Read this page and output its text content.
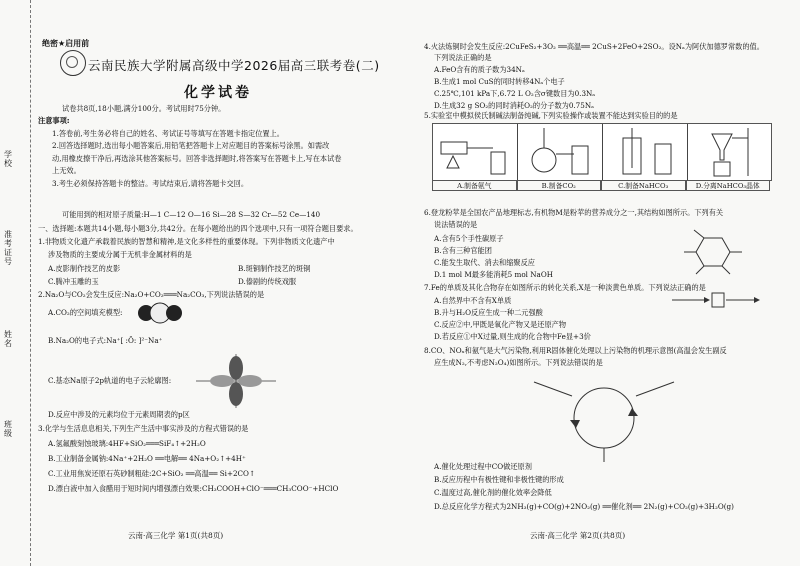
学校
准考证号
姓名
班级
绝密★启用前
云南民族大学附属高级中学2026届高三联考卷(二)
化学试卷
试卷共8页,18小题,满分100分。考试用时75分钟。
注意事项:
1.答卷前,考生务必将自己的姓名、考试证号等填写在答题卡指定位置上。
2.回答选择题时,选出每小题答案后,用铅笔把答题卡上对应题目的答案标号涂黑。如需改
动,用橡皮擦干净后,再选涂其他答案标号。回答非选择题时,将答案写在答题卡上,写在本试卷
上无效。
3.考生必须保持答题卡的整洁。考试结束后,请将答题卡交回。
可能用到的相对原子质量:H—1 C—12 O—16 Si—28 S—32 Cr—52 Ce—140
一、选择题:本题共14小题,每小题3分,共42分。在每小题给出的四个选项中,只有一项符合题目要求。
1.非物质文化遗产承载着民族的智慧和精神,是文化多样性的重要体现。下列非物质文化遗产中
涉及物质的主要成分属于无机非金属材料的是
A.皮影制作技艺的皮影	B.斑铜制作技艺的斑铜
C.腾冲玉雕的玉	D.傣剧的传统戏服
2.Na₂O与CO₂会发生反应:Na₂O+CO₂═══Na₂CO₃,下列说法错误的是
A.CO₂的空间填充模型:
B.Na₂O的电子式:Na⁺[ :Ö: ]²⁻Na⁺
C.基态Na原子2p轨道的电子云轮廓图:
D.反应中涉及的元素均位于元素周期表的p区
3.化学与生活息息相关,下列生产生活中事实涉及的方程式错误的是
A.氢氟酸刻蚀玻璃:4HF+SiO₂═══SiF₄↑+2H₂O
B.工业制备金属钠:4Na⁺+2H₂O ══电解══ 4Na+O₂↑+4H⁺
C.工业用焦炭还原石英砂制粗硅:2C+SiO₂ ══高温══ Si+2CO↑
D.漂白液中加入食醋用于短时间内增强漂白效果:CH₃COOH+ClO⁻═══CH₃COO⁻+HClO
云南·高三化学 第1页(共8页)
4.火法炼铜时会发生反应:2CuFeS₂+3O₂ ══高温══ 2CuS+2FeO+2SO₂。设Nₐ为阿伏加德罗常数的值。
下列说法正确的是
A.FeO含有的质子数为34Nₐ
B.生成1 mol CuS的同时转移4Nₐ个电子
C.25℃,101 kPa下,6.72 L O₂含σ键数目为0.3Nₐ
D.生成32 g SO₂的同时消耗O₂的分子数为0.75Nₐ
5.实验室中模拟侯氏制碱法制备纯碱,下列实验操作或装置不能达到实验目的的是
A.制备氨气	B.制备CO₂	C.制备NaHCO₃	D.分离NaHCO₃晶体
6.登龙粉苹是全国农产品地理标志,有机物M是粉苹的营养成分之一,其结构如图所示。下列有关
说法错误的是
A.含有5个手性碳原子
B.含有三种官能团
C.能发生取代、消去和缩聚反应
D.1 mol M最多能消耗5 mol NaOH
7.Fe的单质及其化合物存在如图所示的转化关系,X是一种淡黄色单质。下列说法正确的是
A.自然界中不含有X单质
B.升与H₂O反应生成一种二元强酸
C.反应②中,甲既是氧化产物又是还原产物
D.若反应①中X过量,则生成的化合物中Fe显+3价
8.CO、NOₓ和氨气是大气污染物,利用R固体催化处理以上污染物的机理示意图(高温会发生副反
应生成N₂,不考虑N₂O₄)如图所示。下列说法错误的是
A.催化处理过程中CO做还原剂
B.反应历程中有极性键和非极性键的形成
C.温度过高,催化剂的催化效率会降低
D.总反应化学方程式为2NH₃(g)+CO(g)+2NO₂(g) ══催化剂══ 2N₂(g)+CO₂(g)+3H₂O(g)
云南·高三化学 第2页(共8页)
